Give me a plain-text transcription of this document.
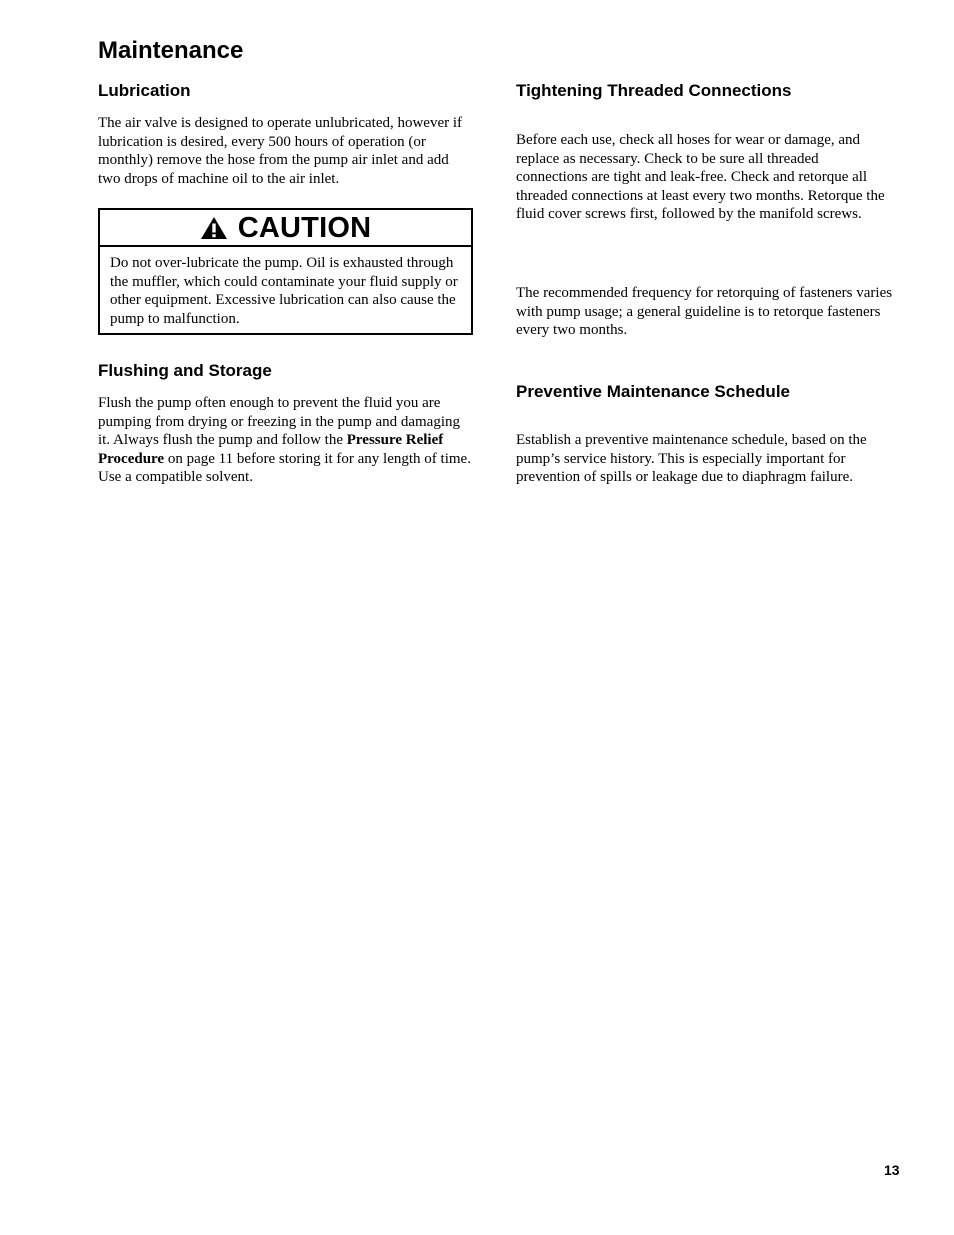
Maintenance
Lubrication

The air valve is designed to operate unlubricated, however if lubrication is desired, every 500 hours of operation (or monthly) remove the hose from the pump air inlet and add two drops of machine oil to the air inlet.

CAUTION

Do not over-lubricate the pump. Oil is exhausted through the muffler, which could contaminate your fluid supply or other equipment. Excessive lubrication can also cause the pump to malfunction.

Flushing and Storage

Flush the pump often enough to prevent the fluid you are pumping from drying or freezing in the pump and damaging it. Always flush the pump and follow the Pressure Relief Procedure on page 11 before storing it for any length of time. Use a compatible solvent.

Tightening Threaded Connections

Before each use, check all hoses for wear or damage, and replace as necessary. Check to be sure all threaded connections are tight and leak-free. Check and retorque all threaded connections at least every two months. Retorque the fluid cover screws first, followed by the manifold screws.

The recommended frequency for retorquing of fasteners varies with pump usage; a general guideline is to retorque fasteners every two months.

Preventive Maintenance Schedule

Establish a preventive maintenance schedule, based on the pump’s service history. This is especially important for prevention of spills or leakage due to diaphragm failure.

13
